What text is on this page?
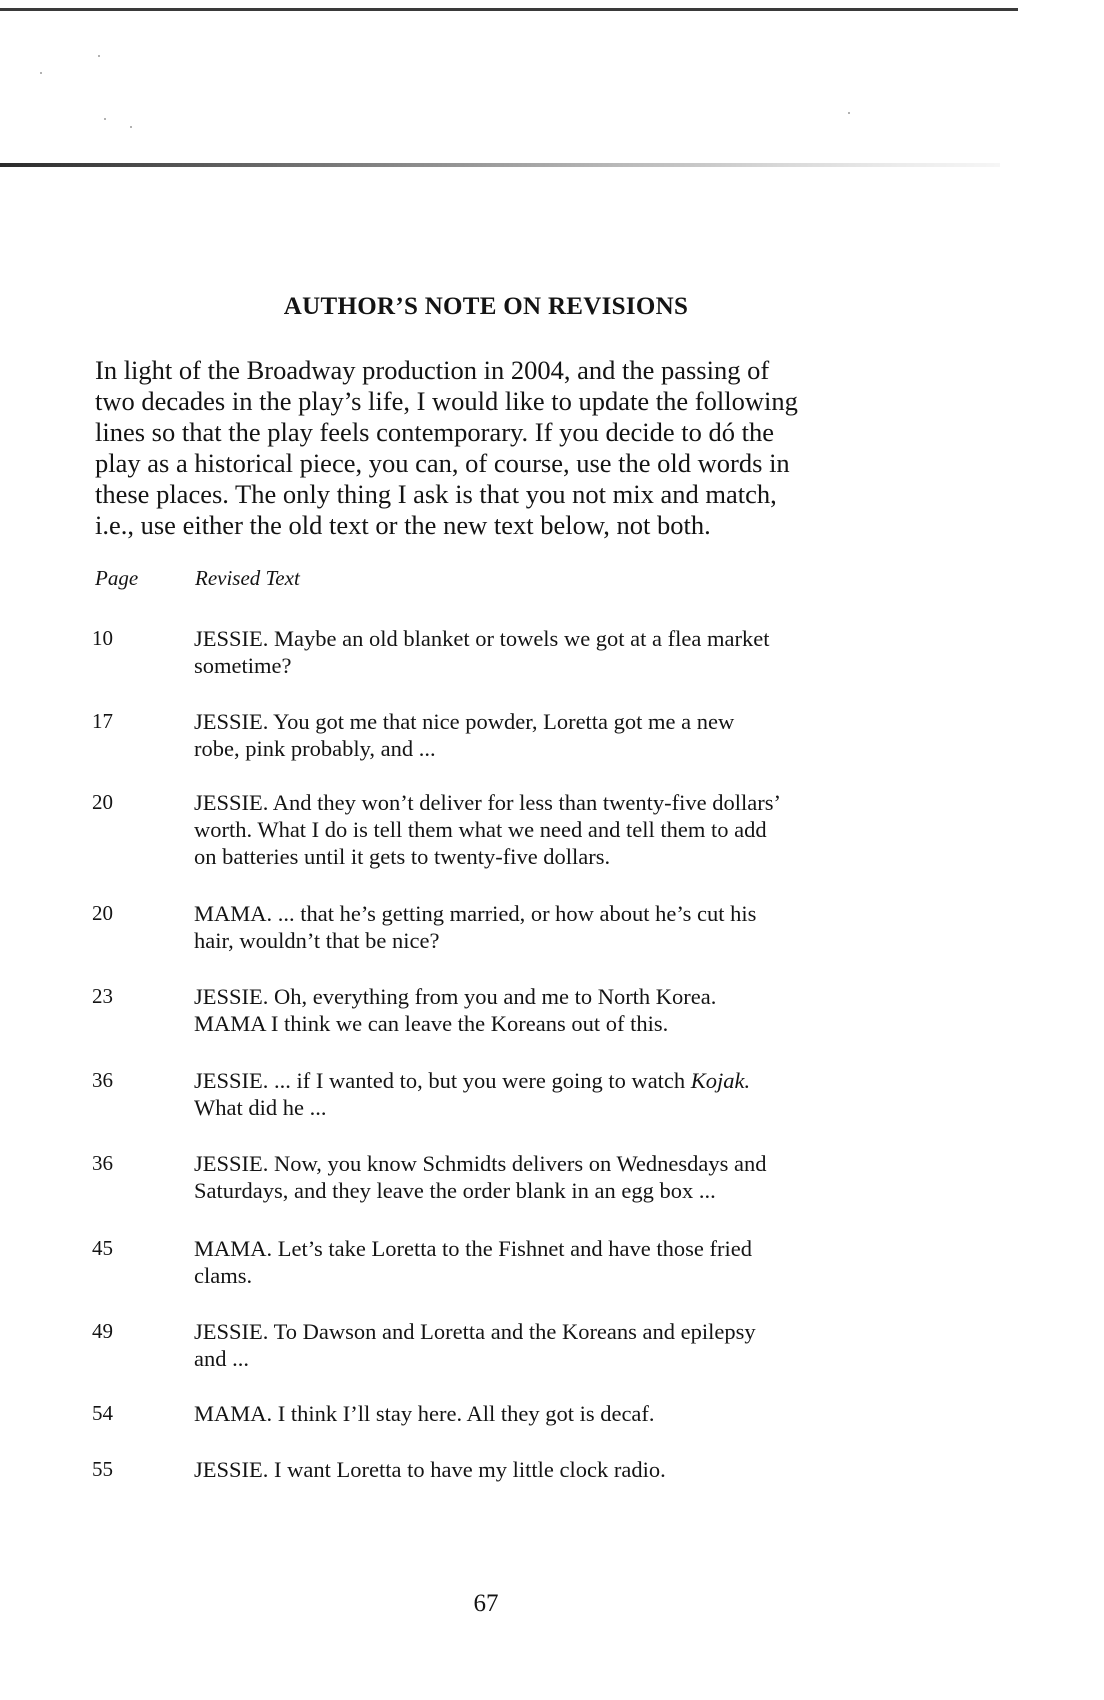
AUTHOR’S NOTE ON REVISIONS

In light of the Broadway production in 2004, and the passing of
two decades in the play’s life, I would like to update the following
lines so that the play feels contemporary. If you decide to dó the
play as a historical piece, you can, of course, use the old words in
these places. The only thing I ask is that you not mix and match,
i.e., use either the old text or the new text below, not both.

Page	Revised Text
10	JESSIE. Maybe an old blanket or towels we got at a flea market
sometime?
17	JESSIE. You got me that nice powder, Loretta got me a new
robe, pink probably, and ...
20	JESSIE. And they won’t deliver for less than twenty-five dollars’
worth. What I do is tell them what we need and tell them to add
on batteries until it gets to twenty-five dollars.
20	MAMA. ... that he’s getting married, or how about he’s cut his
hair, wouldn’t that be nice?
23	JESSIE. Oh, everything from you and me to North Korea.
MAMA I think we can leave the Koreans out of this.
36	JESSIE. ... if I wanted to, but you were going to watch Kojak.
What did he ...
36	JESSIE. Now, you know Schmidts delivers on Wednesdays and
Saturdays, and they leave the order blank in an egg box ...
45	MAMA. Let’s take Loretta to the Fishnet and have those fried
clams.
49	JESSIE. To Dawson and Loretta and the Koreans and epilepsy
and ...
54	MAMA. I think I’ll stay here. All they got is decaf.
55	JESSIE. I want Loretta to have my little clock radio.
67
